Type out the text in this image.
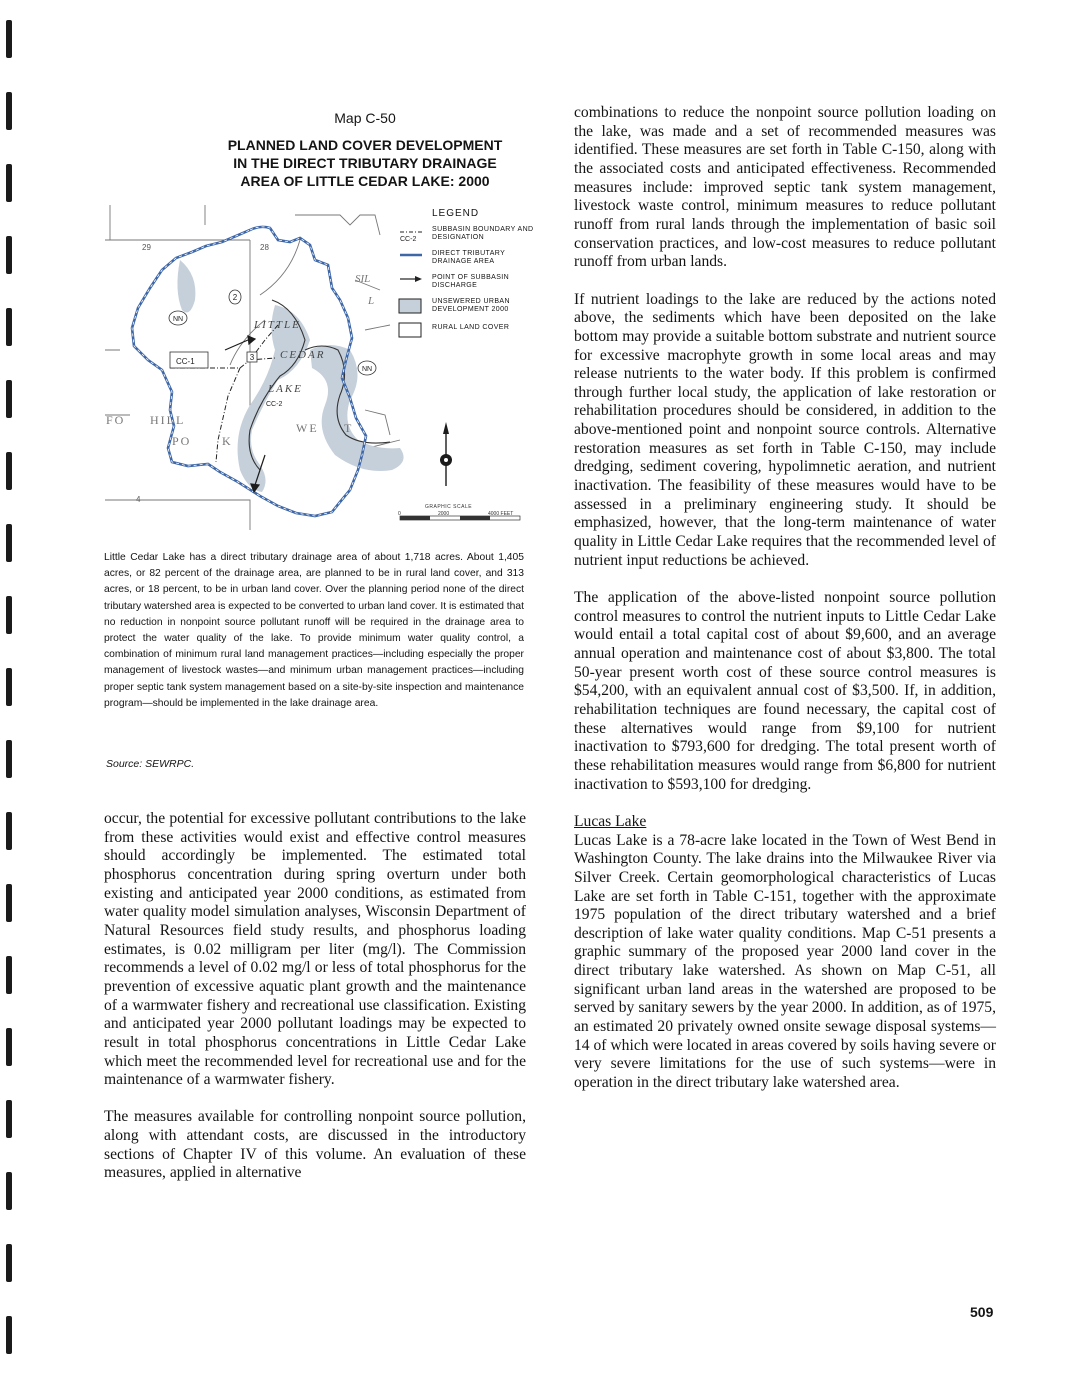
Map C-50
PLANNED LAND COVER DEVELOPMENT
IN THE DIRECT TRIBUTARY DRAINAGE
AREA OF LITTLE CEDAR LAKE: 2000
NN
2
3
NN
29	28
4
CC-1
CC-2
LITTLE
CEDAR
LAKE
FO HILL
PO	K
WE T
SIL
L
GRAPHIC SCALE
0	2000	4000 FEET
LEGEND
CC-2
SUBBASIN BOUNDARY AND DESIGNATION
DIRECT TRIBUTARY DRAINAGE AREA
POINT OF SUBBASIN DISCHARGE
UNSEWERED URBAN DEVELOPMENT 2000
RURAL LAND COVER
Little Cedar Lake has a direct tributary drainage area of about 1,718 acres. About 1,405 acres, or 82 percent of the drainage area, are planned to be in rural land cover, and 313 acres, or 18 percent, to be in urban land cover. Over the planning period none of the direct tributary watershed area is expected to be converted to urban land cover. It is estimated that no reduction in nonpoint source pollutant runoff will be required in the drainage area to protect the water quality of the lake. To provide minimum water quality control, a combination of minimum rural land management practices—including especially the proper management of livestock wastes—and minimum urban management practices—including proper septic tank system management based on a site-by-site inspection and maintenance program—should be implemented in the lake drainage area.
Source: SEWRPC.

occur, the potential for excessive pollutant contributions to the lake from these activities would exist and effective control measures should accordingly be implemented. The estimated total phosphorus concentration during spring overturn under both existing and anticipated year 2000 conditions, as estimated from water quality model simulation analyses, Wisconsin Department of Natural Resources field study results, and phosphorus loading estimates, is 0.02 milligram per liter (mg/l). The Commission recommends a level of 0.02 mg/l or less of total phosphorus for the prevention of excessive aquatic plant growth and the maintenance of a warmwater fishery and recreational use classification. Existing and anticipated year 2000 pollutant loadings may be expected to result in total phosphorus concentrations in Little Cedar Lake which meet the recommended level for recreational use and for the maintenance of a warmwater fishery.

The measures available for controlling nonpoint source pollution, along with attendant costs, are discussed in the introductory sections of Chapter IV of this volume. An evaluation of these measures, applied in alternative

combinations to reduce the nonpoint source pollution loading on the lake, was made and a set of recommended measures was identified. These measures are set forth in Table C-150, along with the associated costs and anticipated effectiveness. Recommended measures include: improved septic tank system management, livestock waste control, minimum measures to reduce pollutant runoff from rural lands through the implementation of basic soil conservation practices, and low-cost measures to reduce pollutant runoff from urban lands.

If nutrient loadings to the lake are reduced by the actions noted above, the sediments which have been deposited on the lake bottom may provide a suitable bottom substrate and nutrient source for excessive macrophyte growth in some local areas and may release nutrients to the water body. If this problem is confirmed through further local study, the application of lake restoration or rehabilitation procedures should be considered, in addition to the above-mentioned point and nonpoint source controls. Alternative restoration measures as set forth in Table C-150, may include dredging, sediment covering, hypolimnetic aeration, and nutrient inactivation. The feasibility of these measures would have to be assessed in a preliminary engineering study. It should be emphasized, however, that the long-term maintenance of water quality in Little Cedar Lake requires that the recommended level of nutrient input reductions be achieved.

The application of the above-listed nonpoint source pollution control measures to control the nutrient inputs to Little Cedar Lake would entail a total capital cost of about $9,600, and an average annual operation and maintenance cost of about $3,800. The total 50-year present worth cost of these source control measures is $54,200, with an equivalent annual cost of $3,500. If, in addition, rehabilitation techniques are found necessary, the capital cost of these alternatives would range from $9,100 for nutrient inactivation to $793,600 for dredging. The total present worth of these rehabilitation measures would range from $6,800 for nutrient inactivation to $593,100 for dredging.

Lucas Lake
Lucas Lake is a 78-acre lake located in the Town of West Bend in Washington County. The lake drains into the Milwaukee River via Silver Creek. Certain geomorphological characteristics of Lucas Lake are set forth in Table C-151, together with the approximate 1975 population of the direct tributary watershed and a brief description of lake water quality conditions. Map C-51 presents a graphic summary of the proposed year 2000 land cover in the direct tributary lake watershed. As shown on Map C-51, all significant urban land areas in the watershed are proposed to be served by sanitary sewers by the year 2000. In addition, as of 1975, an estimated 20 privately owned onsite sewage disposal systems—14 of which were located in areas covered by soils having severe or very severe limitations for the use of such systems—were in operation in the direct tributary lake watershed area.

509
